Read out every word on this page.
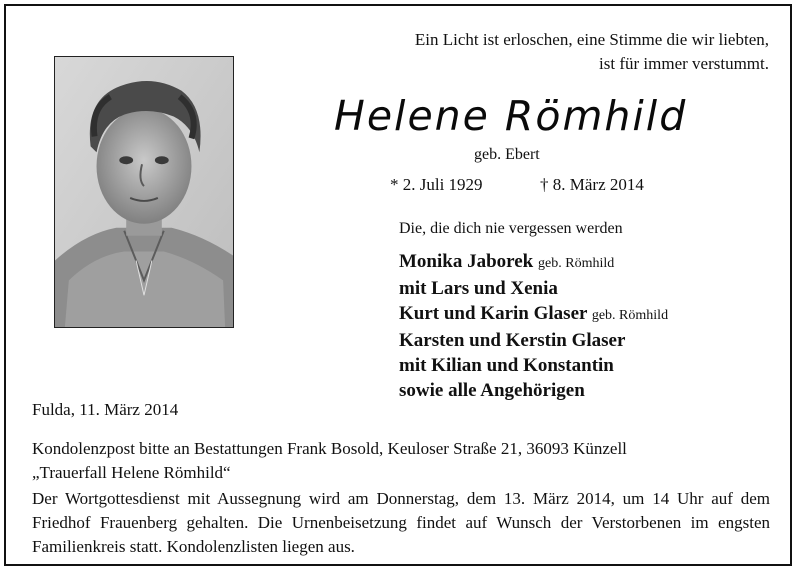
Ein Licht ist erloschen, eine Stimme die wir liebten,
ist für immer verstummt.
Helene Römhild
geb. Ebert
* 2. Juli 1929	† 8. März 2014
Die, die dich nie vergessen werden
Monika Jaborek geb. Römhild
mit Lars und Xenia
Kurt und Karin Glaser geb. Römhild
Karsten und Kerstin Glaser
mit Kilian und Konstantin
sowie alle Angehörigen
Fulda, 11. März 2014
Kondolenzpost bitte an Bestattungen Frank Bosold, Keuloser Straße 21, 36093 Künzell
„Trauerfall Helene Römhild“
Der Wortgottesdienst mit Aussegnung wird am Donnerstag, dem 13. März 2014, um 14 Uhr auf dem Friedhof Frauenberg gehalten. Die Urnenbeisetzung findet auf Wunsch der Verstorbenen im engsten Familienkreis statt. Kondolenzlisten liegen aus.
